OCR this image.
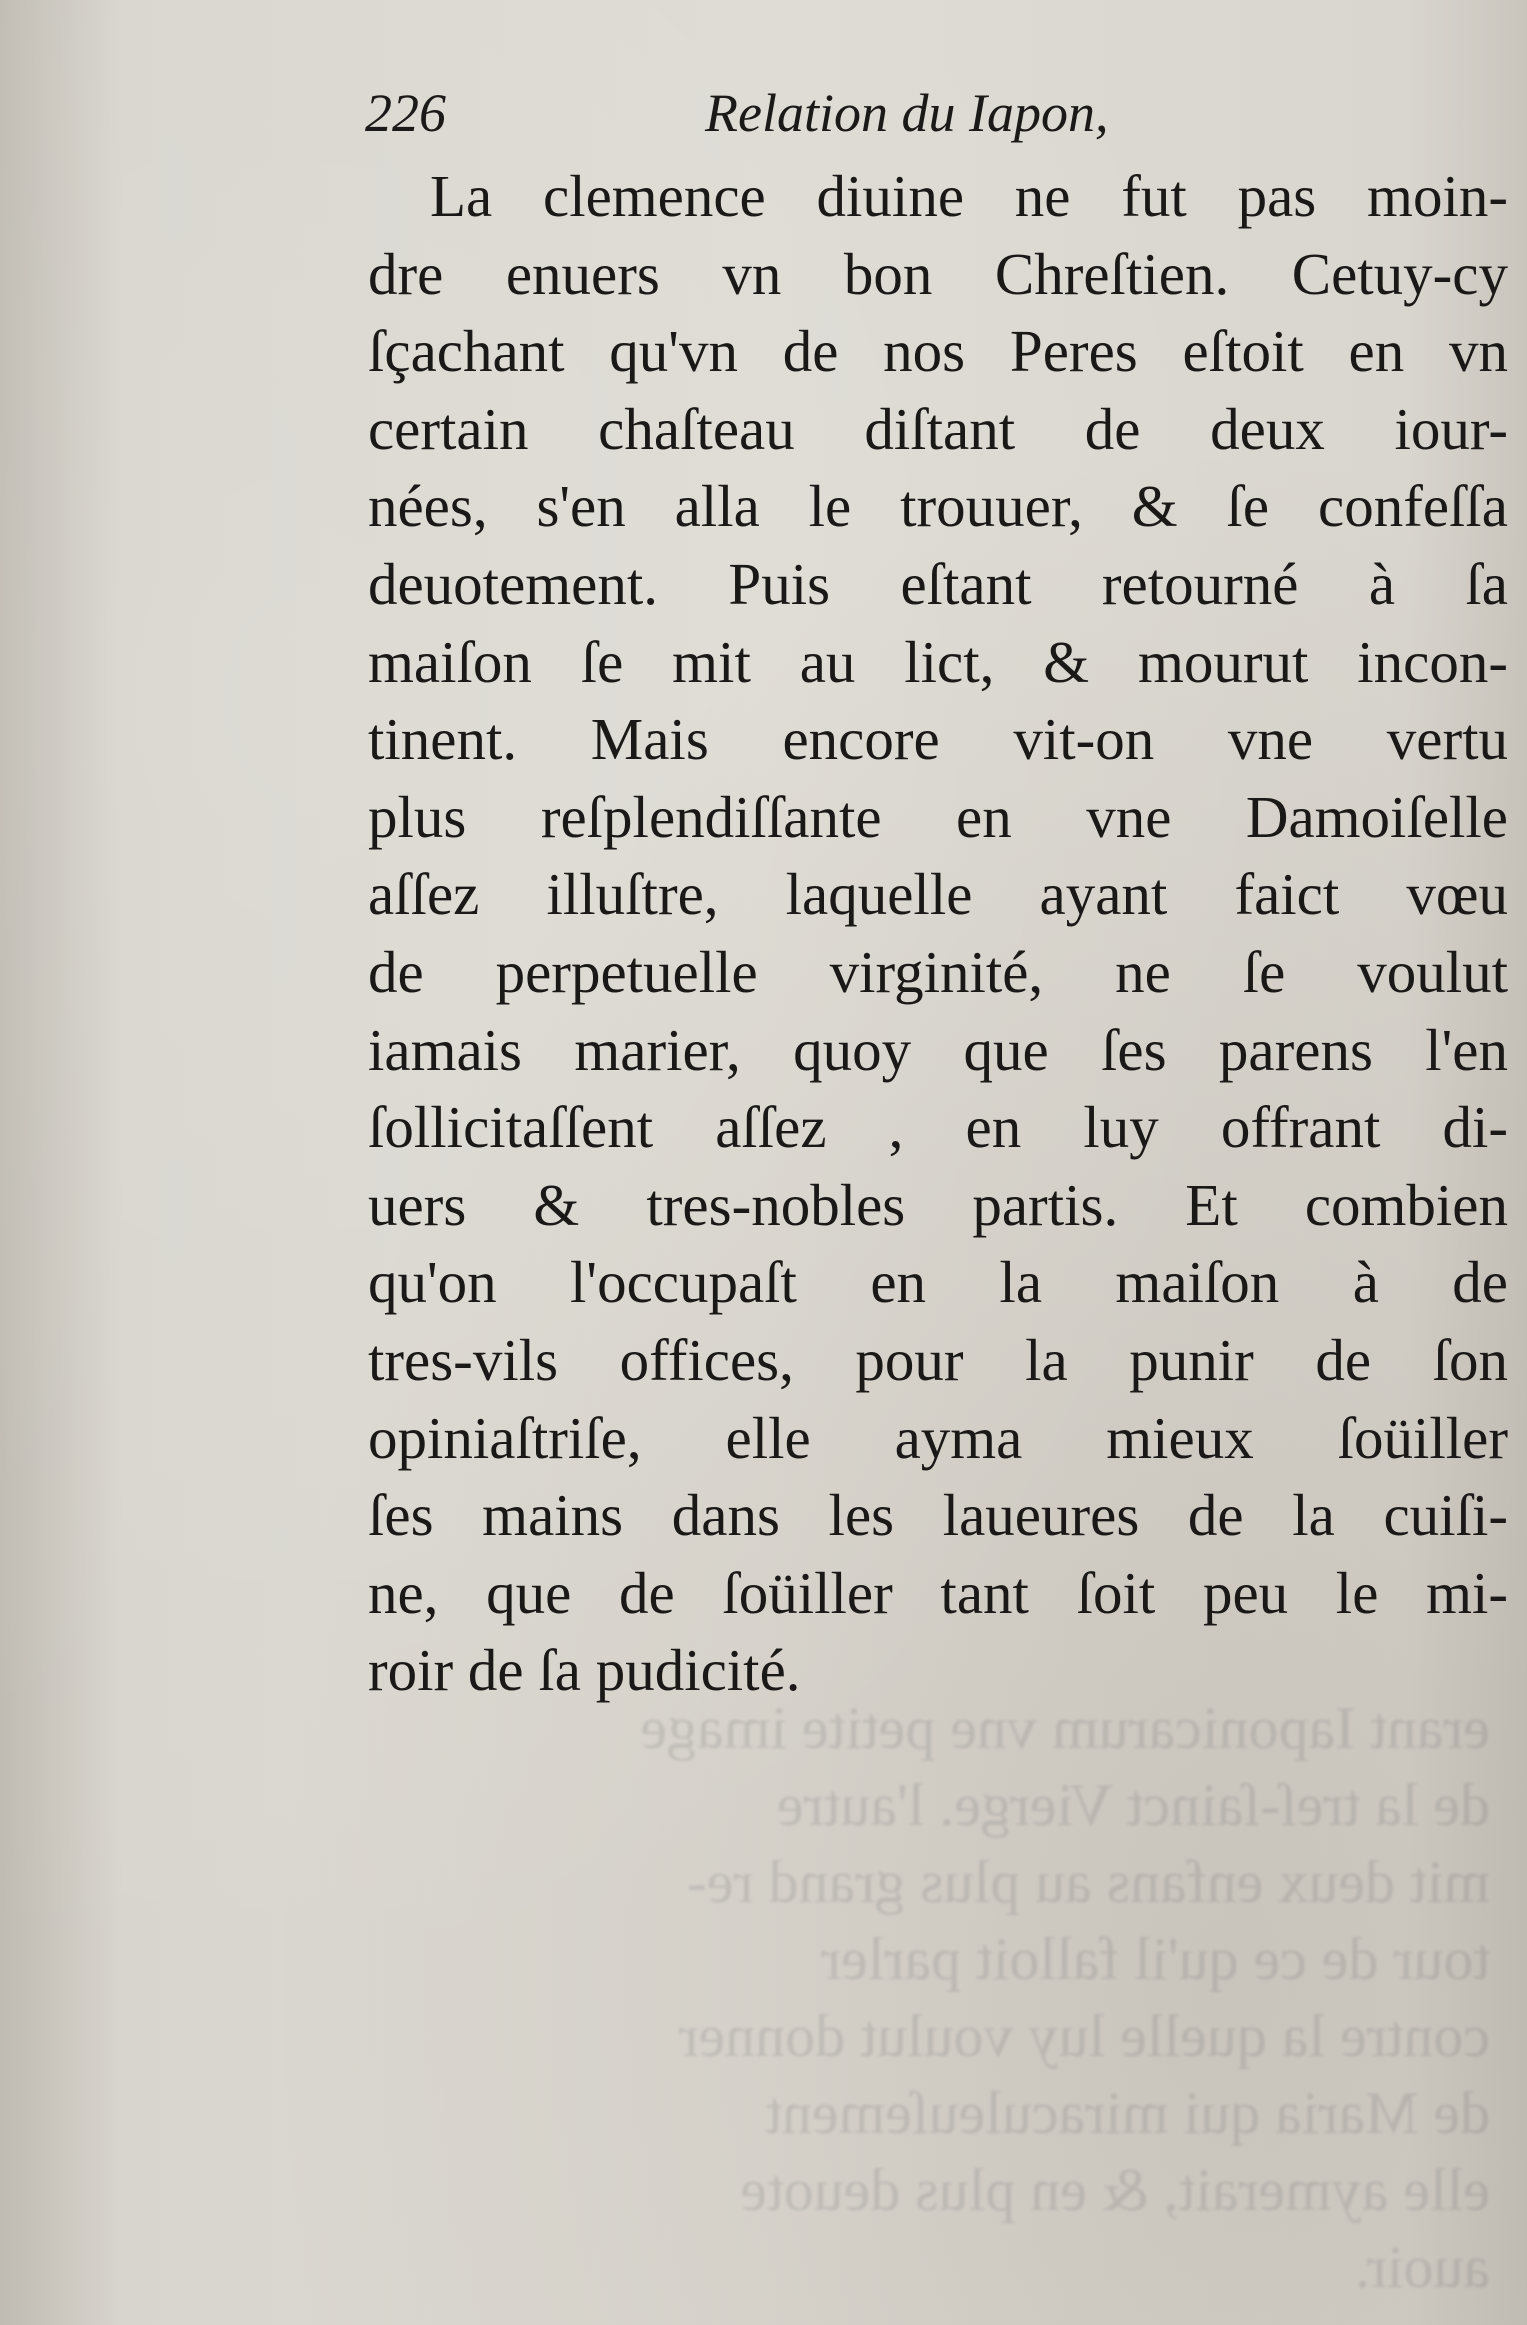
erant Iaponicarum vne petite image
de la treſ-ſainct Vierge. l'autre
mit deux enfans au plus grand re-
tour de ce qu'il falloit parler
contre la quelle luy voulut donner
de Maria qui miraculeuſement
elle aymerait, & en plus deuote
auoir.
226	Relation du Iapon,
La clemence diuine ne fut pas moin-
dre enuers vn bon Chreſtien. Cetuy-cy
ſçachant qu'vn de nos Peres eſtoit en vn
certain chaſteau diſtant de deux iour-
nées, s'en alla le trouuer, & ſe confeſſa
deuotement. Puis eſtant retourné à ſa
maiſon ſe mit au lict, & mourut incon-
tinent. Mais encore vit-on vne vertu
plus reſplendiſſante en vne Damoiſelle
aſſez illuſtre, laquelle ayant faict vœu
de perpetuelle virginité, ne ſe voulut
iamais marier, quoy que ſes parens l'en
ſollicitaſſent aſſez , en luy offrant di-
uers & tres-nobles partis. Et combien
qu'on l'occupaſt en la maiſon à de
tres-vils offices, pour la punir de ſon
opiniaſtriſe, elle ayma mieux ſoüiller
ſes mains dans les laueures de la cuiſi-
ne, que de ſoüiller tant ſoit peu le mi-
roir de ſa pudicité.
